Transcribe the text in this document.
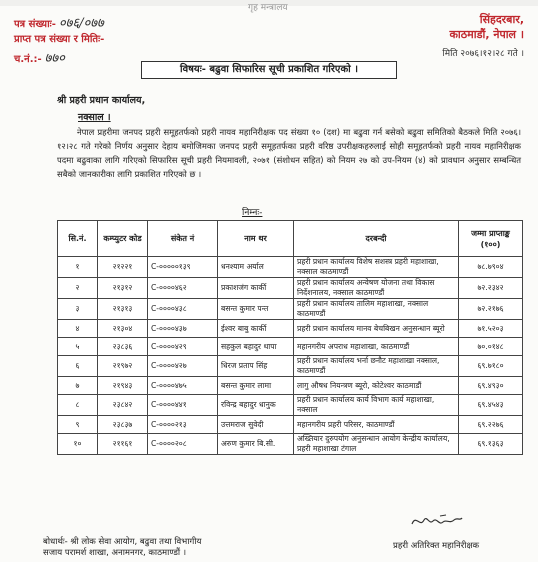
गृह मन्त्रालय
पत्र संख्याः- ०७६/०७७
प्राप्त पत्र संख्या र मितिः-
च.नं.:- ७७०
सिंहदरबार,
काठमाडौं, नेपाल ।
मिति २०७६।१२।२८ गते ।
विषयः- बढुवा सिफारिस सूची प्रकाशित गरिएको ।
श्री प्रहरी प्रधान कार्यालय,
नक्साल ।
नेपाल प्रहरीमा जनपद प्रहरी समूहतर्फको प्रहरी नायव महानिरीक्षक पद संख्या १० (दश) मा बढुवा गर्न बसेको बढुवा समितिको बैठकले मिति २०७६।१२।२८ गते गरेको निर्णय अनुसार देहाय बमोजिमका जनपद प्रहरी समूहतर्फका प्रहरी वरिष्ठ उपरीक्षकहरुलाई सोही समूहतर्फको प्रहरी नायव महानिरीक्षक पदमा बढुवाका लागि गरिएको सिफारिस सूची प्रहरी नियमावली, २०७१ (संशोधन सहित) को नियम २७ को उप-नियम (४) को प्रावधान अनुसार सम्बन्धित सबैको जानकारीका लागि प्रकाशित गरिएको छ ।
निम्नः-
सि.नं.	कम्प्युटर कोड	संकेत नं	नाम थर	दरबन्दी	जम्मा प्राप्ताङ्क (१००)
१	२१२२१	C-०००००१३९	धनश्याम अर्याल	प्रहरी प्रधान कार्यालय विशेष सशस्त्र प्रहरी महाशाखा, नक्साल काठमाण्डौं	७८.७९०४
२	२१३१२	C-००००४६२	प्रकाशजंग कार्की	प्रहरी प्रधान कार्यालय अन्वेषण योजना तथा विकास निर्देशनालय, नक्साल काठमाण्डौं	७२.२३४२
३	२१३१३	C-००००४३८	बसन्त कुमार पन्त	प्रहरी प्रधान कार्यालय तालिम महाशाखा, नक्साल काठमाण्डौं	७२.२१७६
४	२१३०४	C-००००४३७	ईश्वर बाबु कार्की	प्रहरी प्रधान कार्यालय मानव बेचबिखन अनुसन्धान ब्यूरो	७१.५२०३
५	२३८३६	C-००००४२९	सहकुल बहादुर थापा	महानगरीय अपराध महाशाखा, काठमाण्डौं	७०.०१४८
६	२१९७२	C-००००४२७	धिरज प्रताप सिंह	प्रहरी प्रधान कार्यालय भर्ना छनौट महाशाखा नक्साल, काठमाण्डौं	६९.७१८०
७	२१९४३	C-००००४७५	बसन्त कुमार लामा	लागु औषध नियन्त्रण ब्यूरो, कोटेश्वर काठमाडौं	६९.४९३०
८	२३८४२	C-००००४४१	रविन्द्र बहादुर धानुक	प्रहरी प्रधान कार्यालय कार्य विभाग कार्य महाशाखा, नक्साल	६९.४५४३
९	२३८३७	C-००००२१३	उत्तमराज सुवेदी	महानगरीय प्रहरी परिसर, काठमाण्डौं	६९.२२७६
१०	२११६१	C-००००२०८	अरुण कुमार बि.सी.	अख्तियार दुरुपयोग अनुसन्धान आयोग केन्द्रीय कार्यालय, प्रहरी महाशाखा टंगाल	६९.१३६३
बोधार्थः- श्री लोक सेवा आयोग, बढुवा तथा विभागीय
सजाय परामर्श शाखा, अनामनगर, काठमाण्डौं ।
प्रहरी अतिरिक्त महानिरीक्षक
